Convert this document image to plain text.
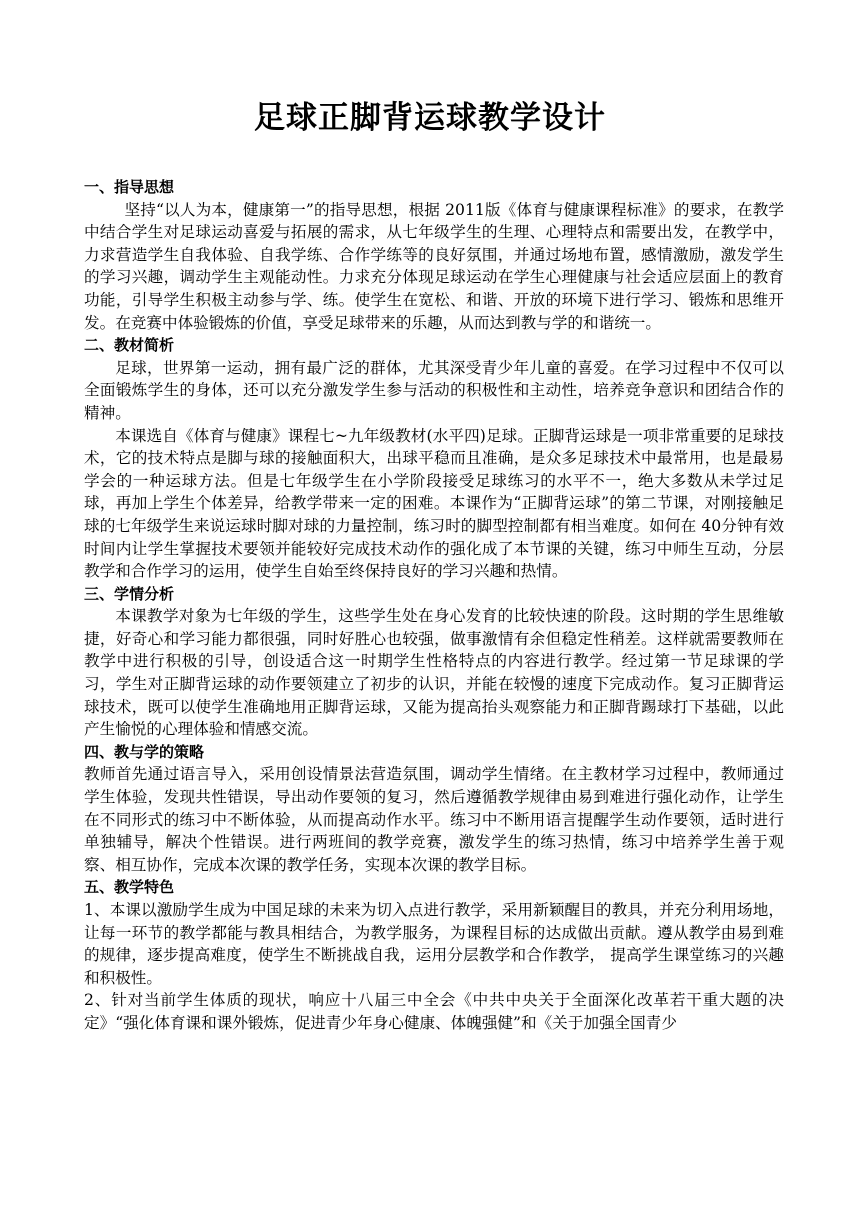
足球正脚背运球教学设计
一、指导思想

坚持“以人为本，健康第一”的指导思想，根据 2011版《体育与健康课程标准》的要求，在教学中结合学生对足球运动喜爱与拓展的需求，从七年级学生的生理、心理特点和需要出发，在教学中，力求营造学生自我体验、自我学练、合作学练等的良好氛围，并通过场地布置，感情激励，激发学生的学习兴趣，调动学生主观能动性。力求充分体现足球运动在学生心理健康与社会适应层面上的教育功能，引导学生积极主动参与学、练。使学生在宽松、和谐、开放的环境下进行学习、锻炼和思维开发。在竞赛中体验锻炼的价值，享受足球带来的乐趣，从而达到教与学的和谐统一。

二、教材简析

足球，世界第一运动，拥有最广泛的群体，尤其深受青少年儿童的喜爱。在学习过程中不仅可以全面锻炼学生的身体，还可以充分激发学生参与活动的积极性和主动性，培养竞争意识和团结合作的精神。

本课选自《体育与健康》课程七~九年级教材(水平四)足球。正脚背运球是一项非常重要的足球技术，它的技术特点是脚与球的接触面积大，出球平稳而且准确，是众多足球技术中最常用，也是最易学会的一种运球方法。但是七年级学生在小学阶段接受足球练习的水平不一，绝大多数从未学过足球，再加上学生个体差异，给教学带来一定的困难。本课作为“正脚背运球”的第二节课，对刚接触足球的七年级学生来说运球时脚对球的力量控制，练习时的脚型控制都有相当难度。如何在 40分钟有效时间内让学生掌握技术要领并能较好完成技术动作的强化成了本节课的关键，练习中师生互动，分层教学和合作学习的运用，使学生自始至终保持良好的学习兴趣和热情。

三、学情分析

本课教学对象为七年级的学生，这些学生处在身心发育的比较快速的阶段。这时期的学生思维敏捷，好奇心和学习能力都很强，同时好胜心也较强，做事激情有余但稳定性稍差。这样就需要教师在教学中进行积极的引导，创设适合这一时期学生性格特点的内容进行教学。经过第一节足球课的学习，学生对正脚背运球的动作要领建立了初步的认识，并能在较慢的速度下完成动作。复习正脚背运球技术，既可以使学生准确地用正脚背运球，又能为提高抬头观察能力和正脚背踢球打下基础，以此产生愉悦的心理体验和情感交流。

四、教与学的策略

教师首先通过语言导入，采用创设情景法营造氛围，调动学生情绪。在主教材学习过程中，教师通过学生体验，发现共性错误，导出动作要领的复习，然后遵循教学规律由易到难进行强化动作，让学生在不同形式的练习中不断体验，从而提高动作水平。练习中不断用语言提醒学生动作要领，适时进行单独辅导，解决个性错误。进行两班间的教学竞赛，激发学生的练习热情，练习中培养学生善于观察、相互协作，完成本次课的教学任务，实现本次课的教学目标。

五、教学特色

1、本课以激励学生成为中国足球的未来为切入点进行教学，采用新颖醒目的教具，并充分利用场地，让每一环节的教学都能与教具相结合，为教学服务，为课程目标的达成做出贡献。遵从教学由易到难的规律，逐步提高难度，使学生不断挑战自我，运用分层教学和合作教学， 提高学生课堂练习的兴趣和积极性。

2、针对当前学生体质的现状，响应十八届三中全会《中共中央关于全面深化改革若干重大题的决定》“强化体育课和课外锻炼，促进青少年身心健康、体魄强健”和《关于加强全国青少
